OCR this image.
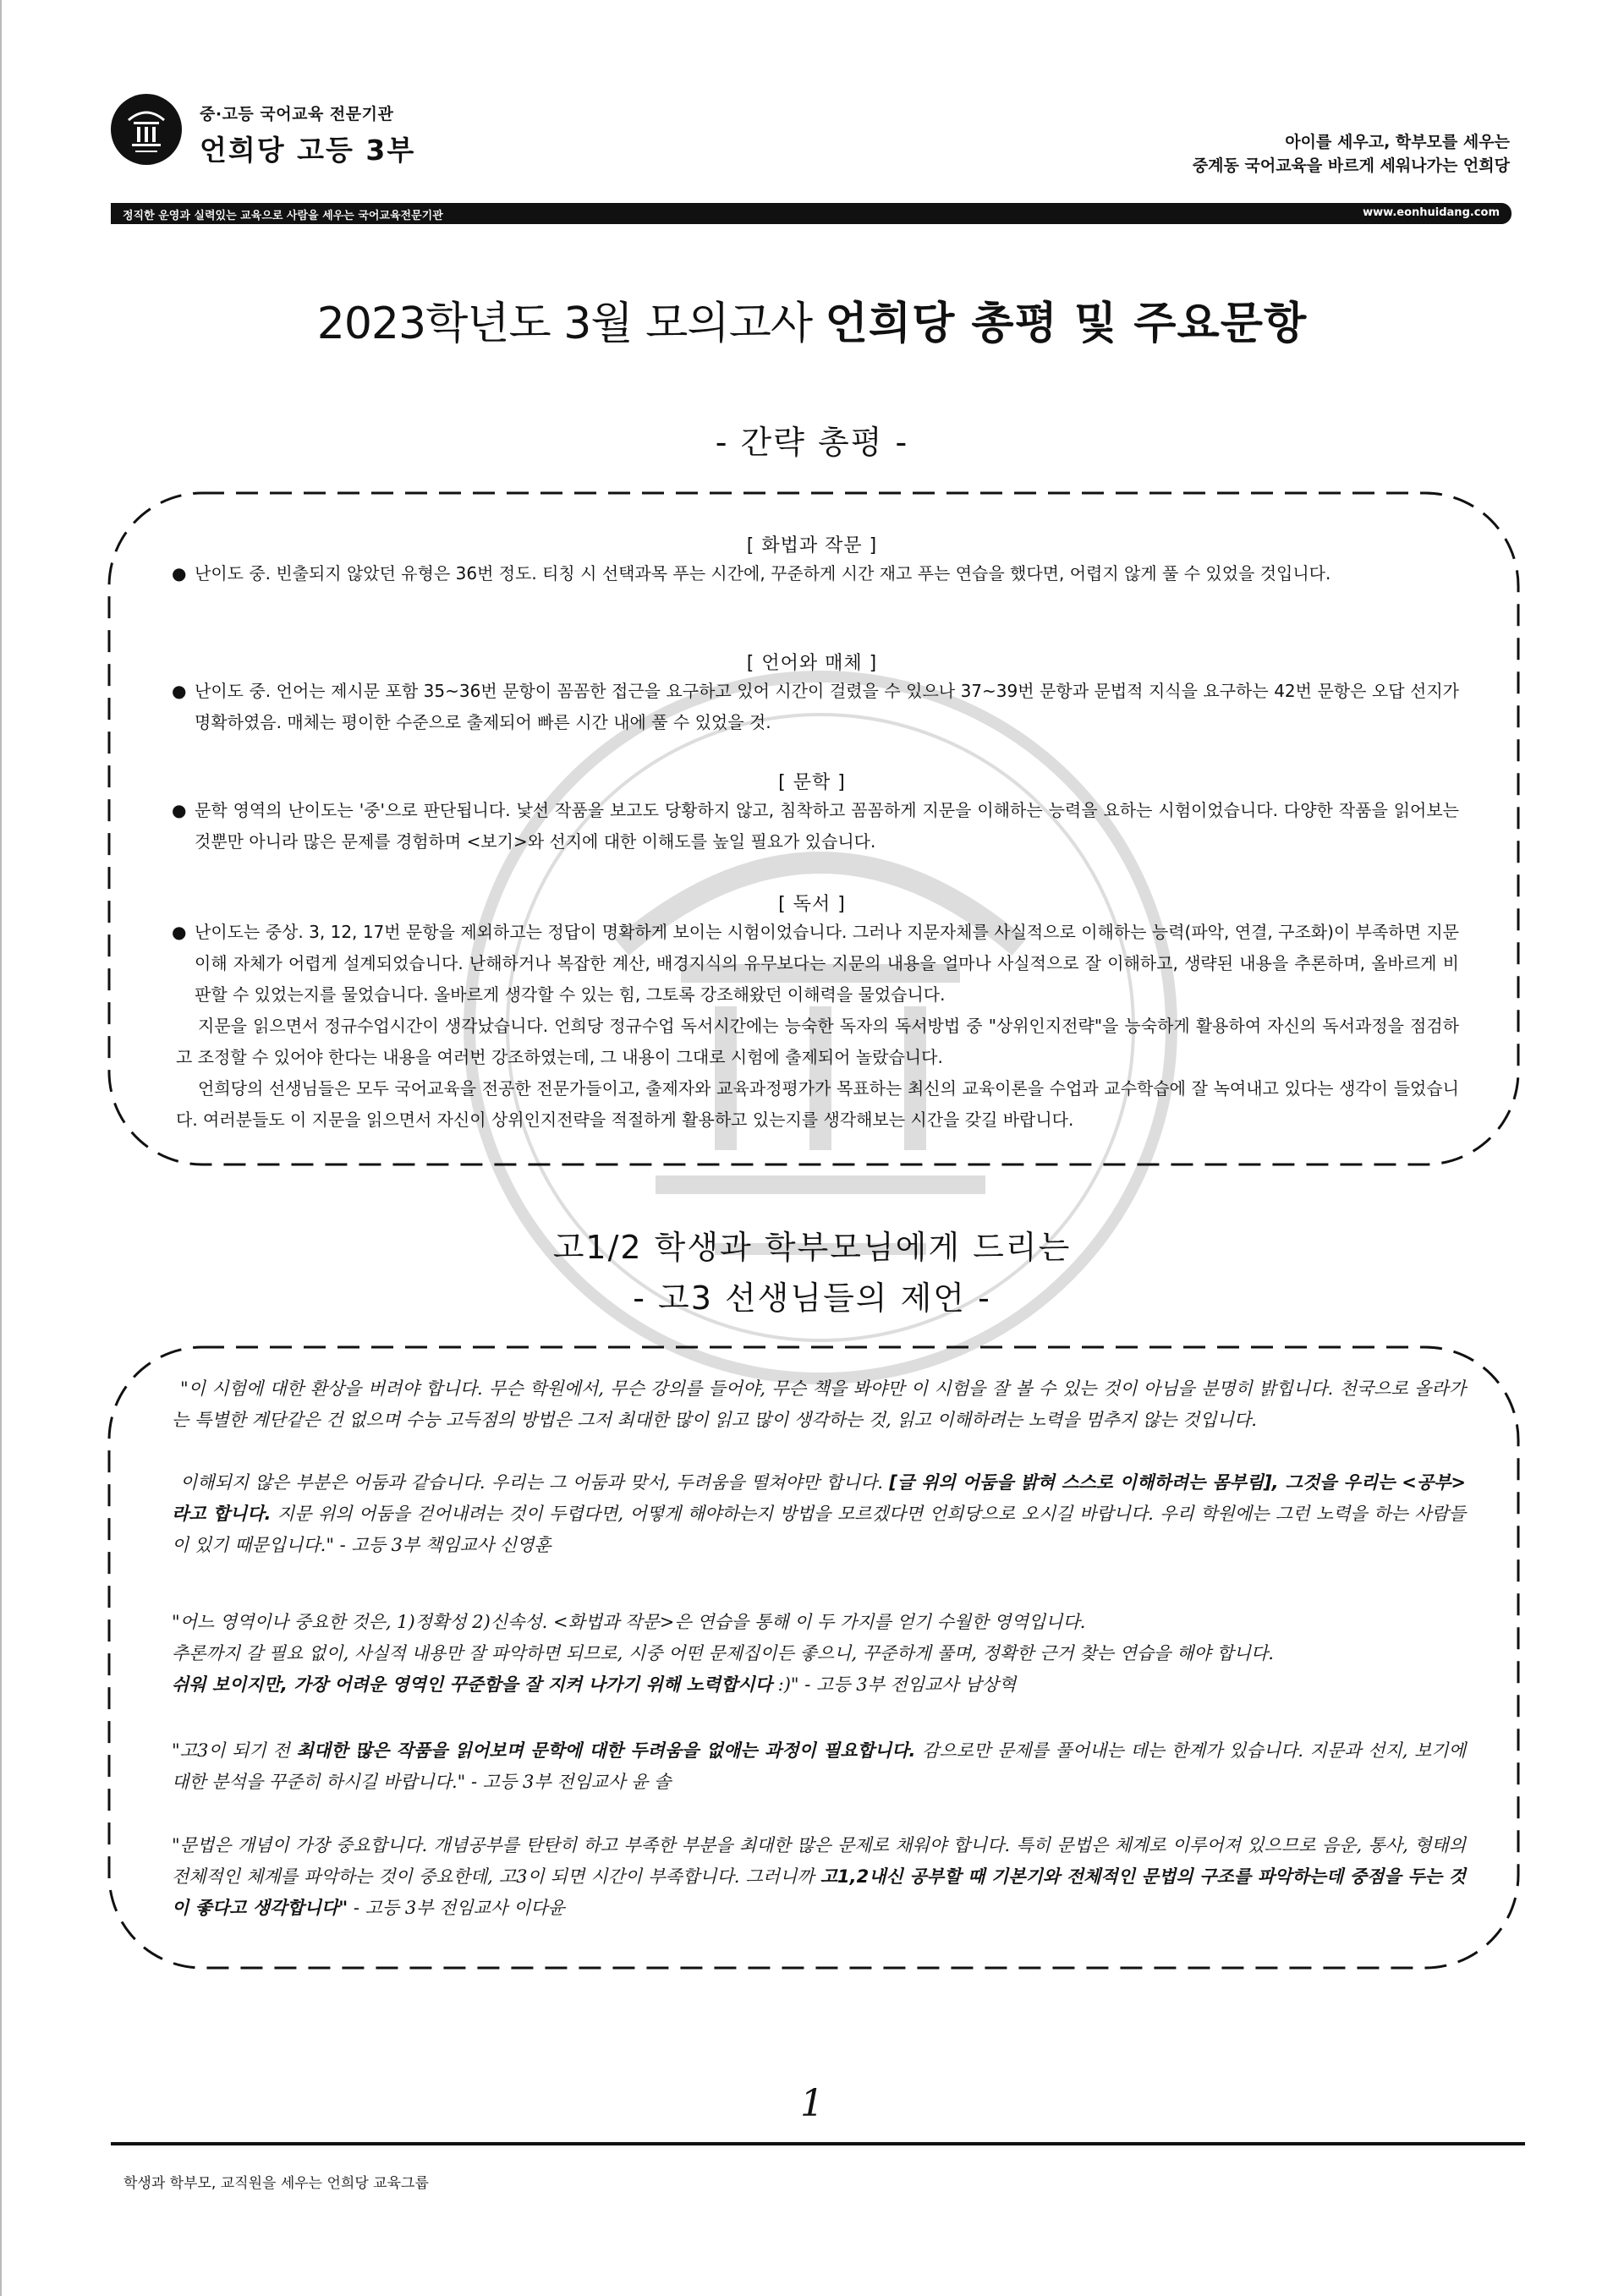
중·고등 국어교육 전문기관
언희당 고등 3부	아이를 세우고, 학부모를 세우는
중계동 국어교육을 바르게 세워나가는 언희당
정직한 운영과 실력있는 교육으로 사람을 세우는 국어교육전문기관	www.eonhuidang.com
2023학년도 3월 모의고사 언희당 총평 및 주요문항
- 간략 총평 -
[ 화법과 작문 ]
● 난이도 중. 빈출되지 않았던 유형은 36번 정도. 티칭 시 선택과목 푸는 시간에, 꾸준하게 시간 재고 푸는 연습을 했다면, 어렵지 않게 풀 수 있었을 것입니다.
[ 언어와 매체 ]
● 난이도 중. 언어는 제시문 포함 35~36번 문항이 꼼꼼한 접근을 요구하고 있어 시간이 걸렸을 수 있으나 37~39번 문항과 문법적 지식을 요구하는 42번 문항은 오답 선지가 명확하였음. 매체는 평이한 수준으로 출제되어 빠른 시간 내에 풀 수 있었을 것.
[ 문학 ]
● 문학 영역의 난이도는 '중'으로 판단됩니다. 낯선 작품을 보고도 당황하지 않고, 침착하고 꼼꼼하게 지문을 이해하는 능력을 요하는 시험이었습니다. 다양한 작품을 읽어보는 것뿐만 아니라 많은 문제를 경험하며 <보기>와 선지에 대한 이해도를 높일 필요가 있습니다.
[ 독서 ]
● 난이도는 중상. 3, 12, 17번 문항을 제외하고는 정답이 명확하게 보이는 시험이었습니다. 그러나 지문자체를 사실적으로 이해하는 능력(파악, 연결, 구조화)이 부족하면 지문이해 자체가 어렵게 설계되었습니다. 난해하거나 복잡한 계산, 배경지식의 유무보다는 지문의 내용을 얼마나 사실적으로 잘 이해하고, 생략된 내용을 추론하며, 올바르게 비판할 수 있었는지를 물었습니다. 올바르게 생각할 수 있는 힘, 그토록 강조해왔던 이해력을 물었습니다.
지문을 읽으면서 정규수업시간이 생각났습니다. 언희당 정규수업 독서시간에는 능숙한 독자의 독서방법 중 "상위인지전략"을 능숙하게 활용하여 자신의 독서과정을 점검하고 조정할 수 있어야 한다는 내용을 여러번 강조하였는데, 그 내용이 그대로 시험에 출제되어 놀랐습니다.
언희당의 선생님들은 모두 국어교육을 전공한 전문가들이고, 출제자와 교육과정평가가 목표하는 최신의 교육이론을 수업과 교수학습에 잘 녹여내고 있다는 생각이 들었습니다. 여러분들도 이 지문을 읽으면서 자신이 상위인지전략을 적절하게 활용하고 있는지를 생각해보는 시간을 갖길 바랍니다.
고1/2 학생과 학부모님에게 드리는
- 고3 선생님들의 제언 -
"이 시험에 대한 환상을 버려야 합니다. 무슨 학원에서, 무슨 강의를 들어야, 무슨 책을 봐야만 이 시험을 잘 볼 수 있는 것이 아님을 분명히 밝힙니다. 천국으로 올라가는 특별한 계단같은 건 없으며 수능 고득점의 방법은 그저 최대한 많이 읽고 많이 생각하는 것, 읽고 이해하려는 노력을 멈추지 않는 것입니다.
이해되지 않은 부분은 어둠과 같습니다. 우리는 그 어둠과 맞서, 두려움을 떨쳐야만 합니다. [글 위의 어둠을 밝혀 스스로 이해하려는 몸부림], 그것을 우리는 <공부>라고 합니다. 지문 위의 어둠을 걷어내려는 것이 두렵다면, 어떻게 해야하는지 방법을 모르겠다면 언희당으로 오시길 바랍니다. 우리 학원에는 그런 노력을 하는 사람들이 있기 때문입니다." - 고등 3부 책임교사 신영훈
"어느 영역이나 중요한 것은, 1)정확성 2)신속성. <화법과 작문>은 연습을 통해 이 두 가지를 얻기 수월한 영역입니다.
추론까지 갈 필요 없이, 사실적 내용만 잘 파악하면 되므로, 시중 어떤 문제집이든 좋으니, 꾸준하게 풀며, 정확한 근거 찾는 연습을 해야 합니다.
쉬워 보이지만, 가장 어려운 영역인 꾸준함을 잘 지켜 나가기 위해 노력합시다 :)" - 고등 3부 전임교사 남상혁
"고3이 되기 전 최대한 많은 작품을 읽어보며 문학에 대한 두려움을 없애는 과정이 필요합니다. 감으로만 문제를 풀어내는 데는 한계가 있습니다. 지문과 선지, 보기에 대한 분석을 꾸준히 하시길 바랍니다." - 고등 3부 전임교사 윤 솔
"문법은 개념이 가장 중요합니다. 개념공부를 탄탄히 하고 부족한 부분을 최대한 많은 문제로 채워야 합니다. 특히 문법은 체계로 이루어져 있으므로 음운, 통사, 형태의 전체적인 체계를 파악하는 것이 중요한데, 고3이 되면 시간이 부족합니다. 그러니까 고1,2내신 공부할 때 기본기와 전체적인 문법의 구조를 파악하는데 중점을 두는 것이 좋다고 생각합니다" - 고등 3부 전임교사 이다윤
1
학생과 학부모, 교직원을 세우는 언희당 교육그룹
